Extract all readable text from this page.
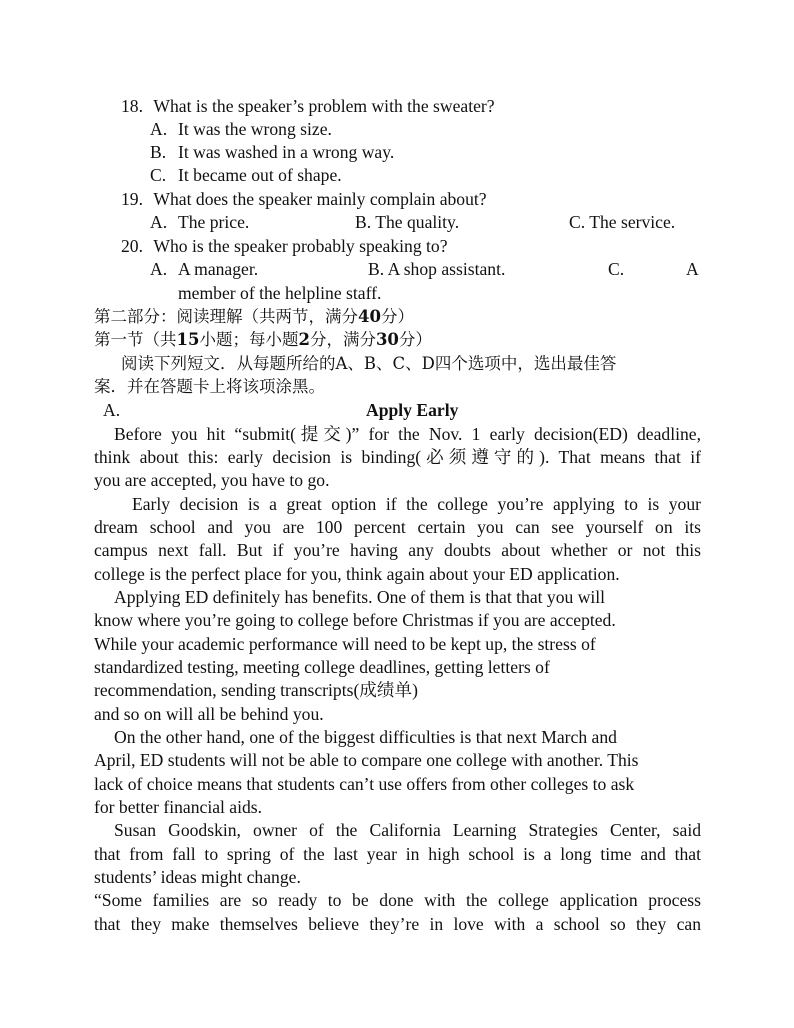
18. What is the speaker’s problem with the sweater?
A. It was the wrong size.
B. It was washed in a wrong way.
C. It became out of shape.
19. What does the speaker mainly complain about?
A. The price.	B. The quality.	C. The service.
20. Who is the speaker probably speaking to?
A. A manager.	B. A shop assistant.	C.	A
member of the helpline staff.
第二部分：阅读理解（共两节，满分40分）
第一节（共15小题；每小题2分，满分30分）
阅读下列短文．从每题所给的A、B、C、D四个选项中，选出最佳答
案．并在答题卡上将该项涂黑。
A.	Apply Early
Before you hit “submit(提交)” for the Nov. 1 early decision(ED) deadline,
think about this: early decision is binding(必须遵守的). That means that if
you are accepted, you have to go.
Early decision is a great option if the college you’re applying to is your
dream school and you are 100 percent certain you can see yourself on its
campus next fall. But if you’re having any doubts about whether or not this
college is the perfect place for you, think again about your ED application.
Applying ED definitely has benefits. One of them is that that you will
know where you’re going to college before Christmas if you are accepted.
While your academic performance will need to be kept up, the stress of
standardized testing, meeting college deadlines, getting letters of
recommendation, sending transcripts(成绩单)
and so on will all be behind you.
On the other hand, one of the biggest difficulties is that next March and
April, ED students will not be able to compare one college with another. This
lack of choice means that students can’t use offers from other colleges to ask
for better financial aids.
Susan Goodskin, owner of the California Learning Strategies Center, said
that from fall to spring of the last year in high school is a long time and that
students’ ideas might change.
“Some families are so ready to be done with the college application process
that they make themselves believe they’re in love with a school so they can
